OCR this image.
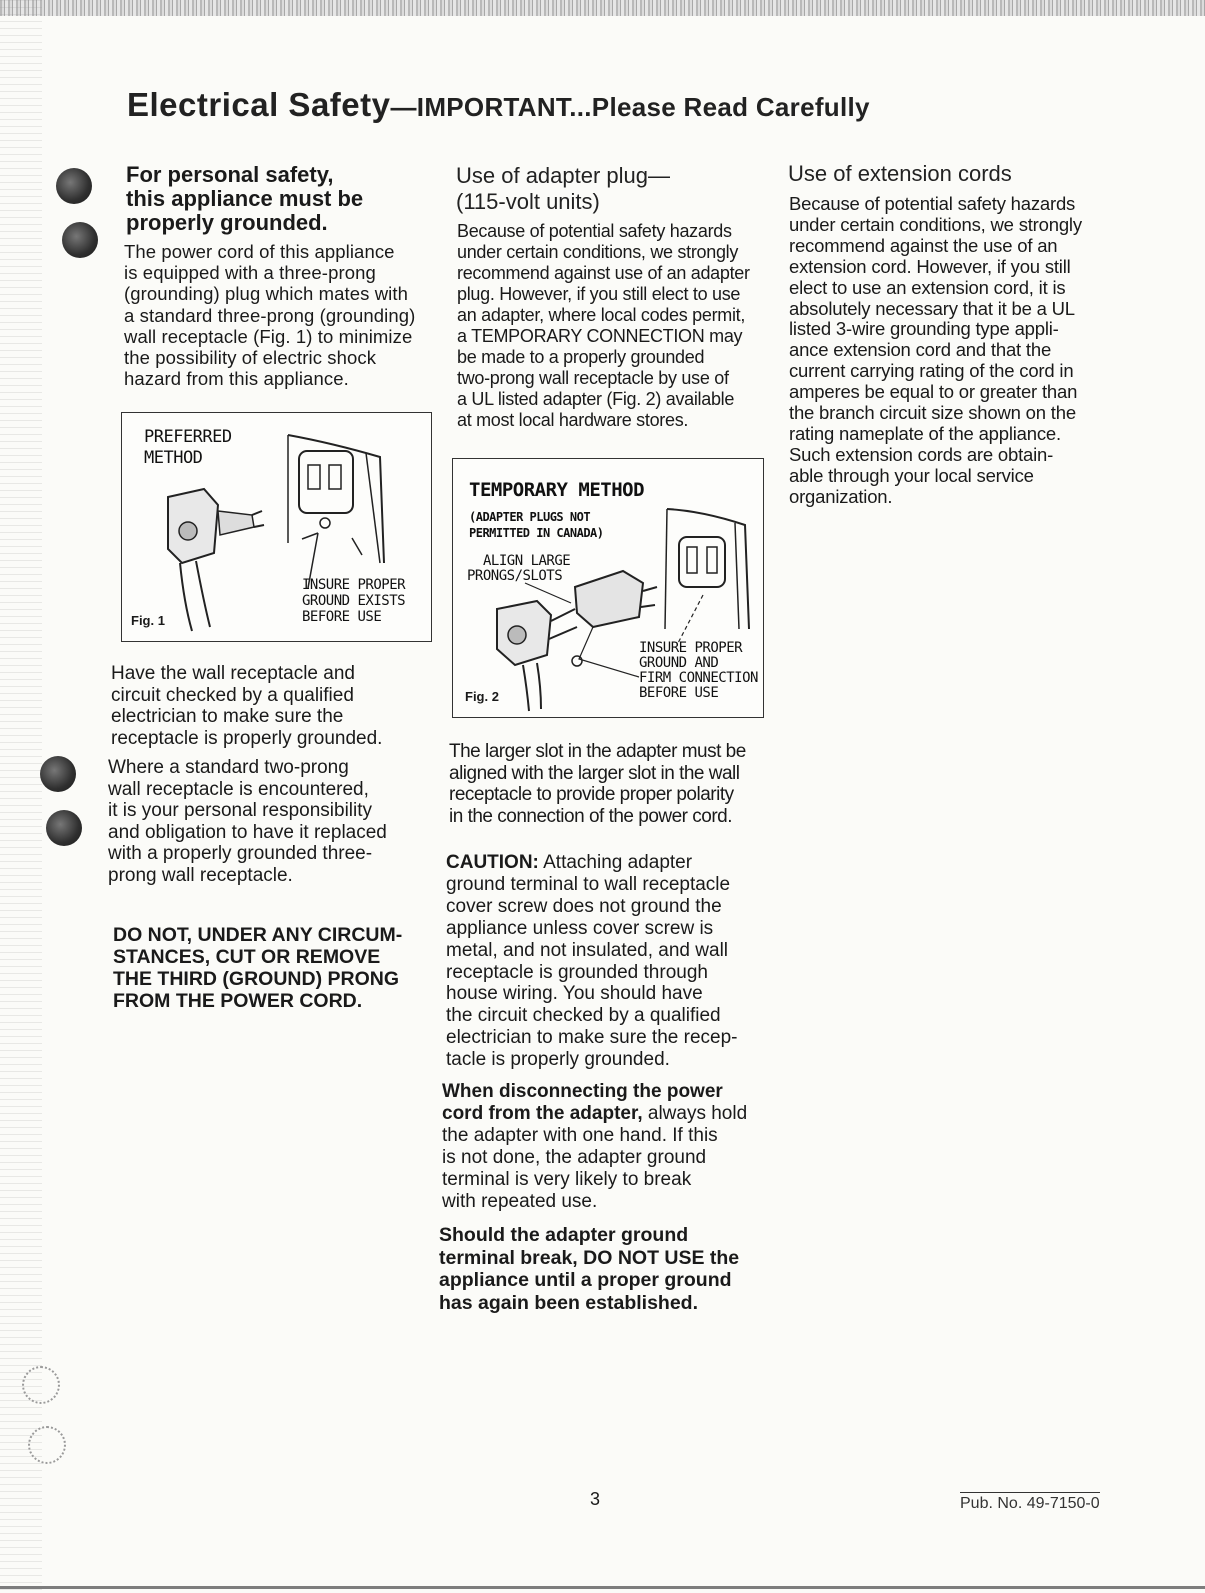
Electrical Safety—IMPORTANT...Please Read Carefully
For personal safety,
this appliance must be
properly grounded.
The power cord of this appliance
is equipped with a three-prong
(grounding) plug which mates with
a standard three-prong (grounding)
wall receptacle (Fig. 1) to minimize
the possibility of electric shock
hazard from this appliance.
PREFERRED
METHOD
INSURE PROPER
GROUND EXISTS
BEFORE USE
Fig. 1
Have the wall receptacle and
circuit checked by a qualified
electrician to make sure the
receptacle is properly grounded.
Where a standard two-prong
wall receptacle is encountered,
it is your personal responsibility
and obligation to have it replaced
with a properly grounded three-
prong wall receptacle.
DO NOT, UNDER ANY CIRCUM-
STANCES, CUT OR REMOVE
THE THIRD (GROUND) PRONG
FROM THE POWER CORD.
Use of adapter plug—
(115-volt units)
Because of potential safety hazards
under certain conditions, we strongly
recommend against use of an adapter
plug. However, if you still elect to use
an adapter, where local codes permit,
a TEMPORARY CONNECTION may
be made to a properly grounded
two-prong wall receptacle by use of
a UL listed adapter (Fig. 2) available
at most local hardware stores.
TEMPORARY METHOD
(ADAPTER PLUGS NOT
PERMITTED IN CANADA)
ALIGN LARGE
PRONGS/SLOTS
INSURE PROPER
GROUND AND
FIRM CONNECTION
BEFORE USE
Fig. 2
The larger slot in the adapter must be
aligned with the larger slot in the wall
receptacle to provide proper polarity
in the connection of the power cord.
CAUTION: Attaching adapter
ground terminal to wall receptacle
cover screw does not ground the
appliance unless cover screw is
metal, and not insulated, and wall
receptacle is grounded through
house wiring. You should have
the circuit checked by a qualified
electrician to make sure the recep-
tacle is properly grounded.
When disconnecting the power
cord from the adapter, always hold
the adapter with one hand. If this
is not done, the adapter ground
terminal is very likely to break
with repeated use.
Should the adapter ground
terminal break, DO NOT USE the
appliance until a proper ground
has again been established.
Use of extension cords
Because of potential safety hazards
under certain conditions, we strongly
recommend against the use of an
extension cord. However, if you still
elect to use an extension cord, it is
absolutely necessary that it be a UL
listed 3-wire grounding type appli-
ance extension cord and that the
current carrying rating of the cord in
amperes be equal to or greater than
the branch circuit size shown on the
rating nameplate of the appliance.
Such extension cords are obtain-
able through your local service
organization.
3	Pub. No. 49-7150-0
